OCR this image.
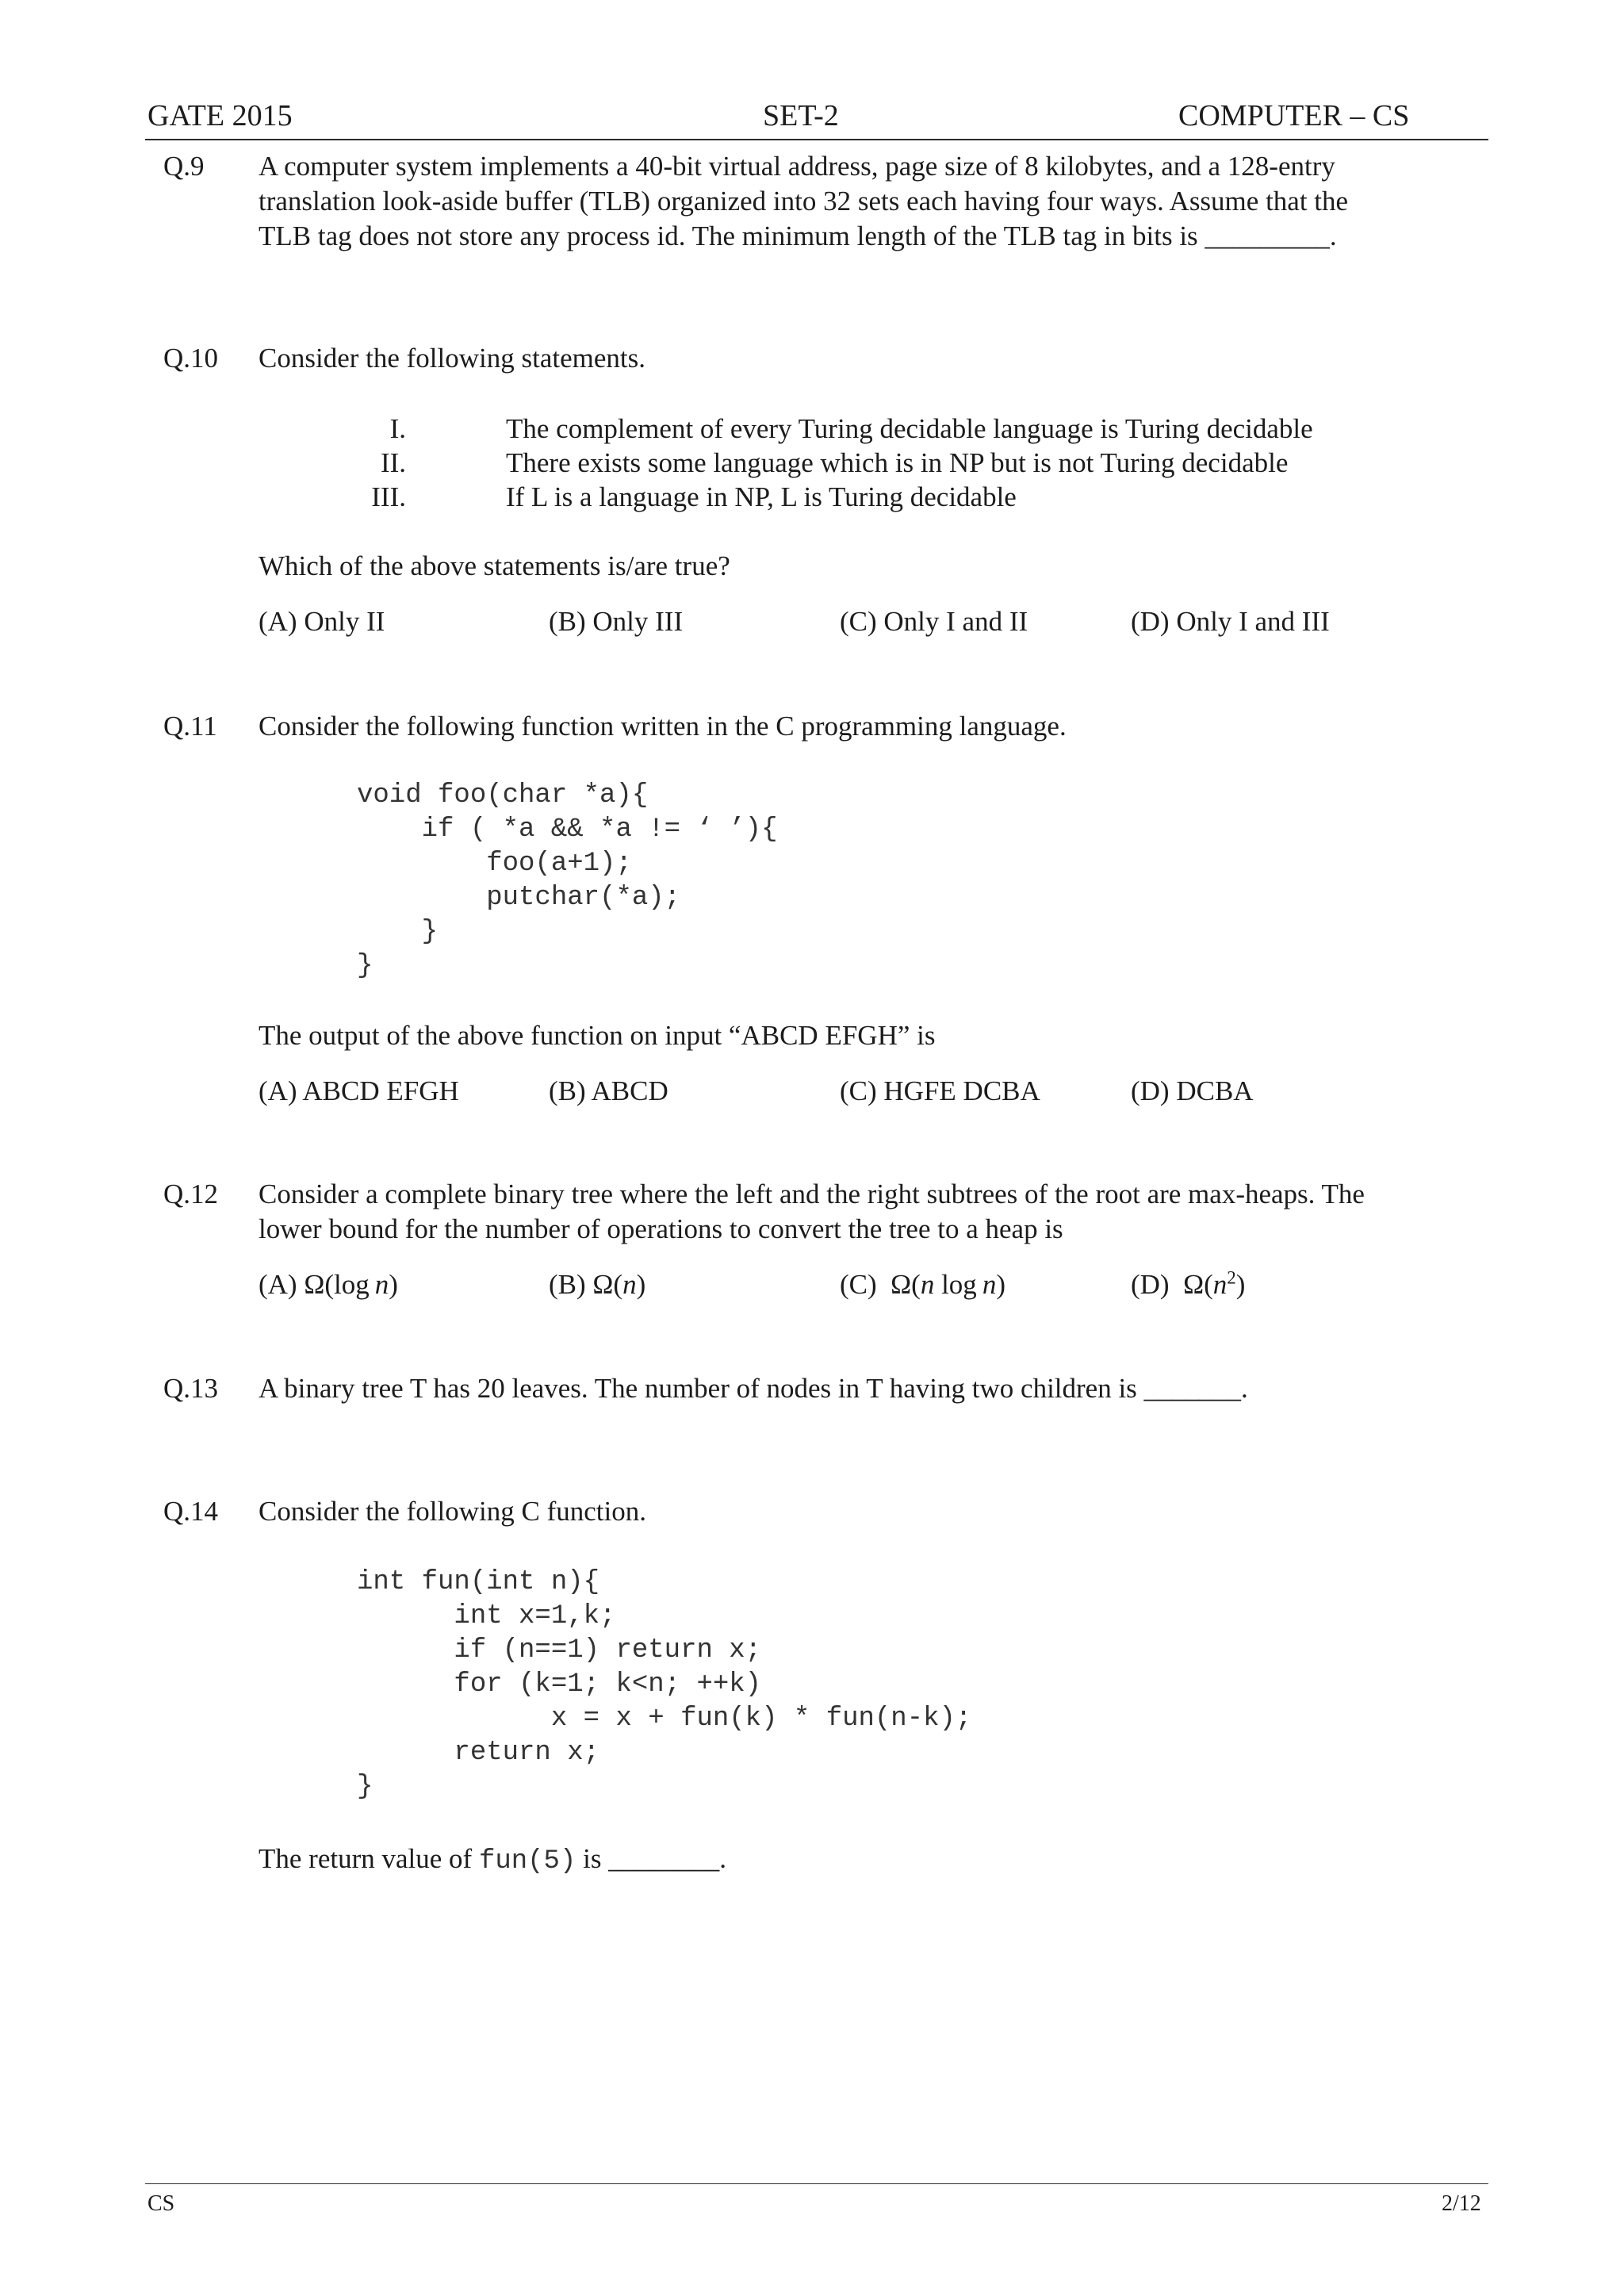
GATE 2015	SET-2	COMPUTER – CS
Q.9 A computer system implements a 40-bit virtual address, page size of 8 kilobytes, and a 128-entry
translation look-aside buffer (TLB) organized into 32 sets each having four ways. Assume that the
TLB tag does not store any process id. The minimum length of the TLB tag in bits is _________.
Q.10 Consider the following statements.
I.	The complement of every Turing decidable language is Turing decidable
II.	There exists some language which is in NP but is not Turing decidable
III.	If L is a language in NP, L is Turing decidable
Which of the above statements is/are true?
(A) Only II	(B) Only III	(C) Only I and II	(D) Only I and III
Q.11 Consider the following function written in the C programming language.
void foo(char *a){
if ( *a && *a != ‘ ’){
foo(a+1);
putchar(*a);
}
}
The output of the above function on input “ABCD EFGH” is
(A) ABCD EFGH	(B) ABCD	(C) HGFE DCBA	(D) DCBA
Q.12 Consider a complete binary tree where the left and the right subtrees of the root are max-heaps. The
lower bound for the number of operations to convert the tree to a heap is
(A) Ω(log n)	(B) Ω(n)	(C) Ω(n log n)	(D) $\Omega(n^2)$
Q.13 A binary tree T has 20 leaves. The number of nodes in T having two children is _______.
Q.14 Consider the following C function.
int fun(int n){
int x=1,k;
if (n==1) return x;
for (k=1; k<n; ++k)
x = x + fun(k) * fun(n-k);
return x;
}
The return value of fun(5) is ________.
CS	2/12
